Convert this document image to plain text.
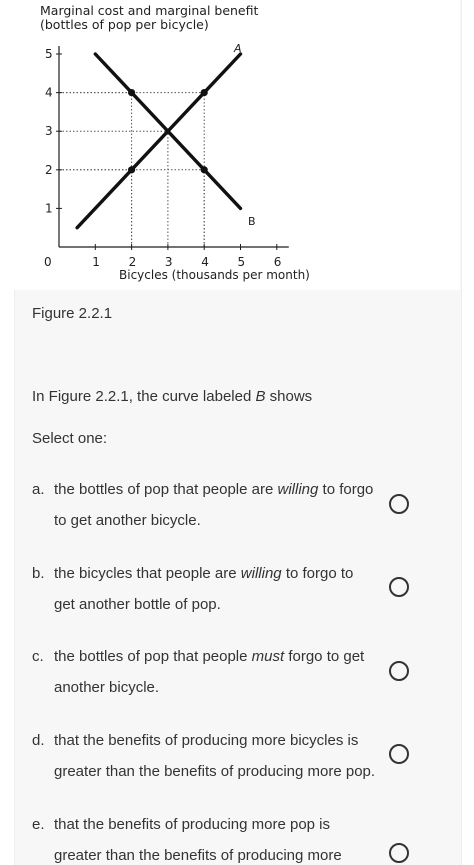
Marginal cost and marginal benefit
(bottles of pop per bicycle)
0	1 2 3 4 5 6
1
2
3
4
5	A
B
Bicycles (thousands per month)
Figure 2.2.1
In Figure 2.2.1, the curve labeled B shows
Select one:
a. the bottles of pop that people are willing to forgo
to get another bicycle.
b. the bicycles that people are willing to forgo to
get another bottle of pop.
c. the bottles of pop that people must forgo to get
another bicycle.
d. that the benefits of producing more bicycles is
greater than the benefits of producing more pop.
e. that the benefits of producing more pop is
greater than the benefits of producing more
